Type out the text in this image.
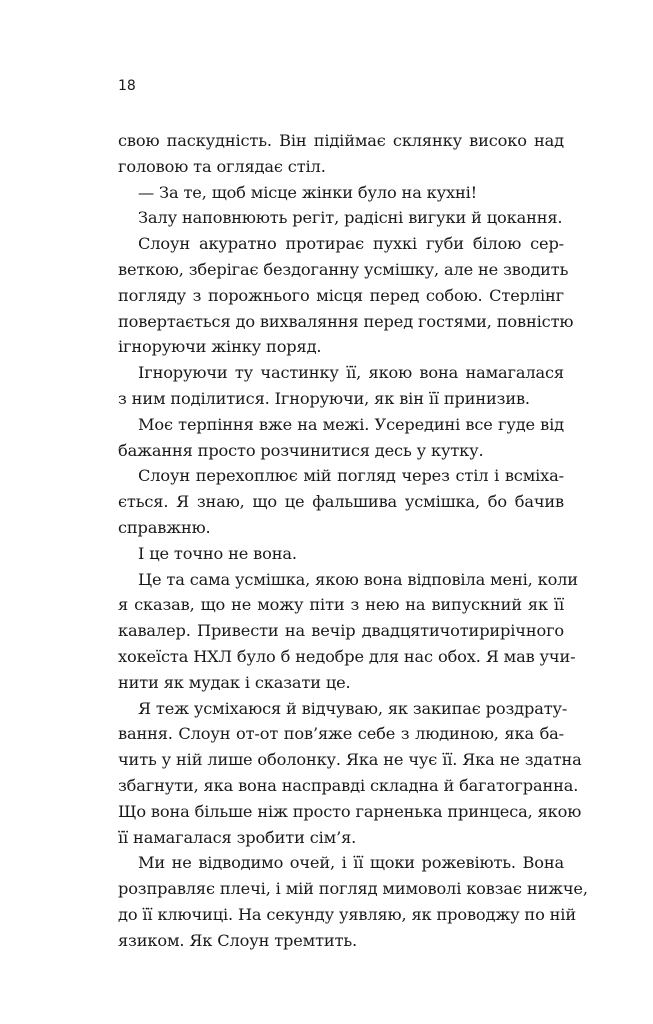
18
свою паскудність. Він підіймає склянку високо над
головою та оглядає стіл.
— За те, щоб місце жінки було на кухні!
Залу наповнюють регіт, радісні вигуки й цокання.
Слоун акуратно протирає пухкі губи білою сер-
веткою, зберігає бездоганну усмішку, але не зводить
погляду з порожнього місця перед собою. Стерлінг
повертається до вихваляння перед гостями, повністю
ігноруючи жінку поряд.
Ігноруючи ту частинку її, якою вона намагалася
з ним поділитися. Ігноруючи, як він її принизив.
Моє терпіння вже на межі. Усередині все гуде від
бажання просто розчинитися десь у кутку.
Слоун перехоплює мій погляд через стіл і всміха-
ється. Я знаю, що це фальшива усмішка, бо бачив
справжню.
І це точно не вона.
Це та сама усмішка, якою вона відповіла мені, коли
я сказав, що не можу піти з нею на випускний як її
кавалер. Привести на вечір двадцятичотирирічного
хокеїста НХЛ було б недобре для нас обох. Я мав учи-
нити як мудак і сказати це.
Я теж усміхаюся й відчуваю, як закипає роздрату-
вання. Слоун от-от пов’яже себе з людиною, яка ба-
чить у ній лише оболонку. Яка не чує її. Яка не здатна
збагнути, яка вона насправді складна й багатогранна.
Що вона більше ніж просто гарненька принцеса, якою
її намагалася зробити сім’я.
Ми не відводимо очей, і її щоки рожевіють. Вона
розправляє плечі, і мій погляд мимоволі ковзає нижче,
до її ключиці. На секунду уявляю, як проводжу по ній
язиком. Як Слоун тремтить.
